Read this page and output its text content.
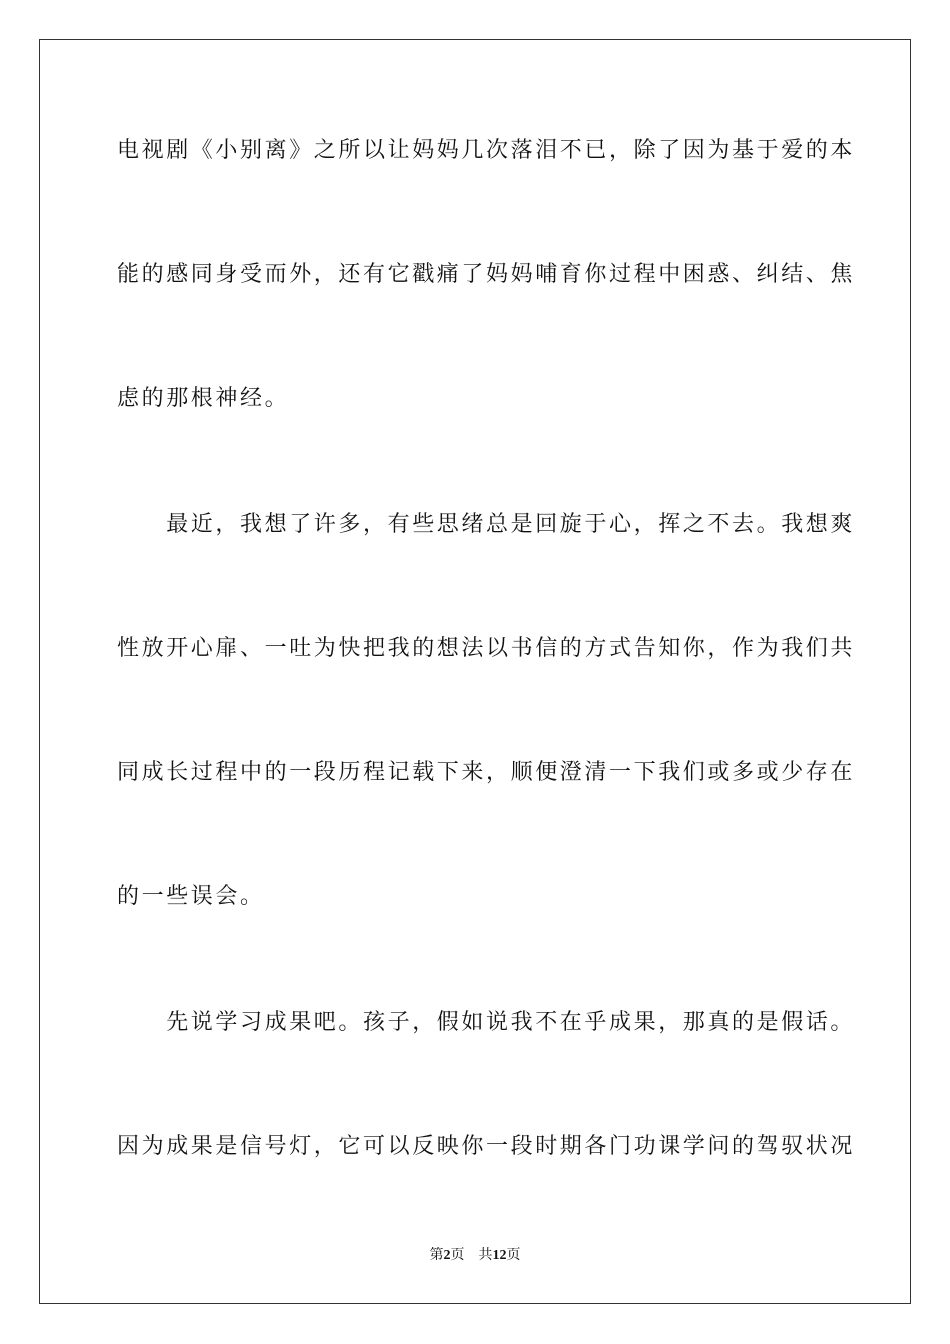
电视剧《小别离》之所以让妈妈几次落泪不已，除了因为基于爱的本
能的感同身受而外，还有它戳痛了妈妈哺育你过程中困惑、纠结、焦
虑的那根神经。
　　最近，我想了许多，有些思绪总是回旋于心，挥之不去。我想爽
性放开心扉、一吐为快把我的想法以书信的方式告知你，作为我们共
同成长过程中的一段历程记载下来，顺便澄清一下我们或多或少存在
的一些误会。
　　先说学习成果吧。孩子，假如说我不在乎成果，那真的是假话。
因为成果是信号灯，它可以反映你一段时期各门功课学问的驾驭状况
第2页 共12页
